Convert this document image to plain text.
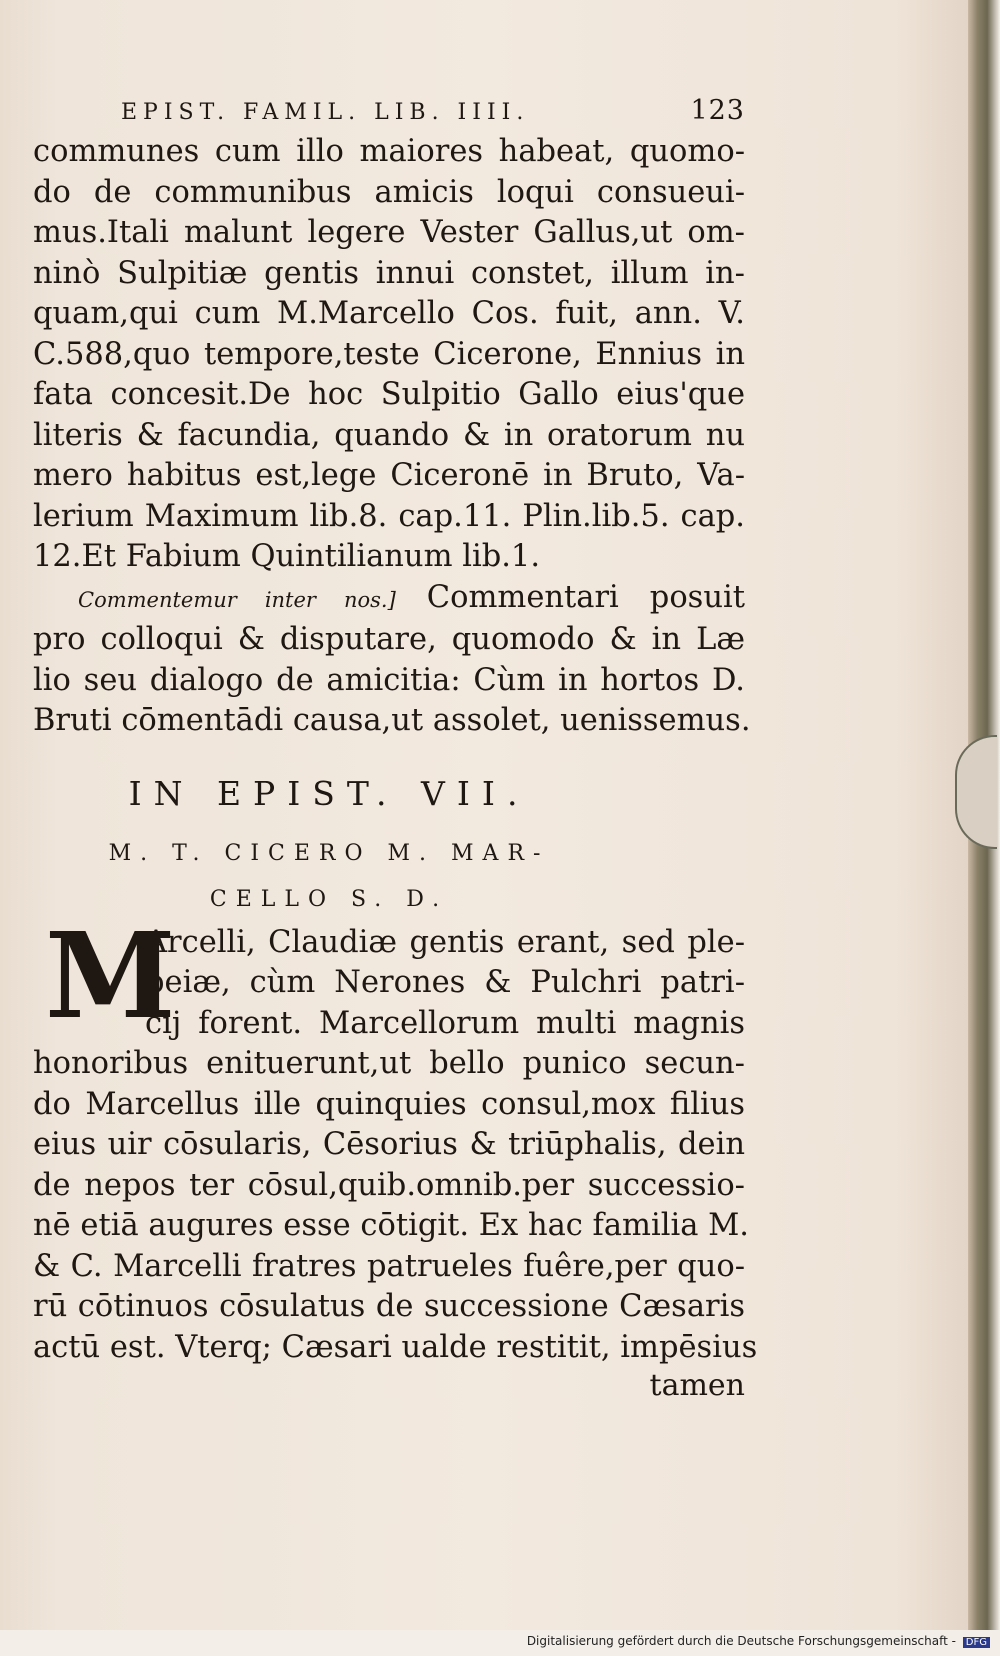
EPIST. FAMIL. LIB. IIII.	123
communes cum illo maiores habeat, quomo-
do de communibus amicis loqui consueui-
mus.Itali malunt legere Vester Gallus,ut om-
ninò Sulpitiæ gentis innui constet, illum in-
quam,qui cum M.Marcello Cos. fuit, ann. V.
C.588,quo tempore,teste Cicerone, Ennius in
fata concesit.De hoc Sulpitio Gallo eius'que
literis & facundia, quando & in oratorum nu
mero habitus est,lege Ciceronē in Bruto, Va-
lerium Maximum lib.8. cap.11. Plin.lib.5. cap.
12.Et Fabium Quintilianum lib.1.
Commentemur inter nos.] Commentari posuit
pro colloqui & disputare, quomodo & in Læ
lio seu dialogo de amicitia: Cùm in hortos D.
Bruti cōmentādi causa,ut assolet, uenissemus.
IN EPIST. VII.
M. T. CICERO M. MAR-
CELLO S. D.
M
Arcelli, Claudiæ gentis erant, sed ple-
beiæ, cùm Nerones & Pulchri patri-
cij forent. Marcellorum multi magnis
honoribus enituerunt,ut bello punico secun-
do Marcellus ille quinquies consul,mox filius
eius uir cōsularis, Cēsorius & triūphalis, dein
de nepos ter cōsul,quib.omnib.per successio-
nē etiā augures esse cōtigit. Ex hac familia M.
& C. Marcelli fratres patrueles fuêre,per quo-
rū cōtinuos cōsulatus de successione Cæsaris
actū est. Vterq; Cæsari ualde restitit, impēsius
tamen
Digitalisierung gefördert durch die Deutsche Forschungsgemeinschaft - DFG
